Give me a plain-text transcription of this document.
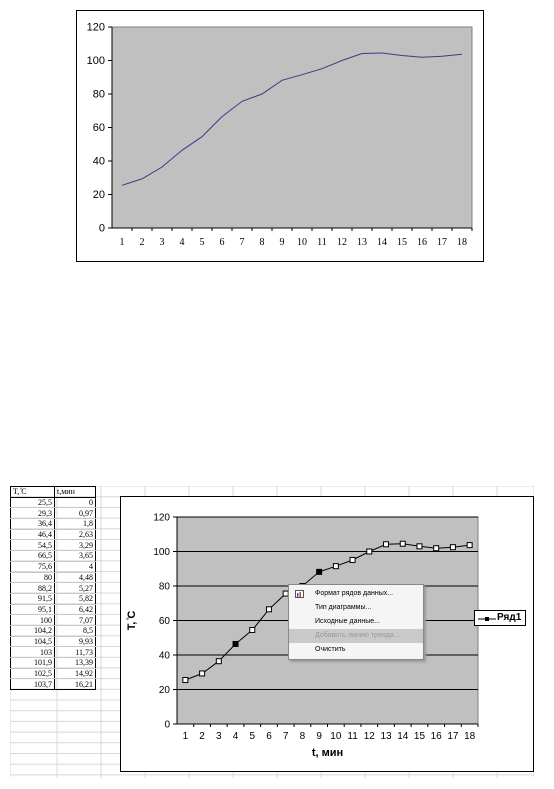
0
20
40
60
80
100
120
1 2 3 4 5 6 7 8 9 10 11 12 13 14 15 16 17 18
T, ̊С	t,мин
25,5	0
29,3	0,97
36,4	1,8
46,4	2,63
54,5	3,29
66,5	3,65
75,6	4
80	4,48
88,2	5,27
91,5	5,82
95,1	6,42
100	7,07
104,2	8,5
104,5	9,93
103	11,73
101,9	13,39
102,5	14,92
103,7	16,21
0
20
40
60
80
100
120
1 2 3 4 5 6 7 8 9 10 11 12 13 14 15 16 17 18
t, мин
T, ̊С	Ряд1
Формат рядов данных...
Тип диаграммы...
Исходные данные...
Добавить линию тренда...
Очистить
